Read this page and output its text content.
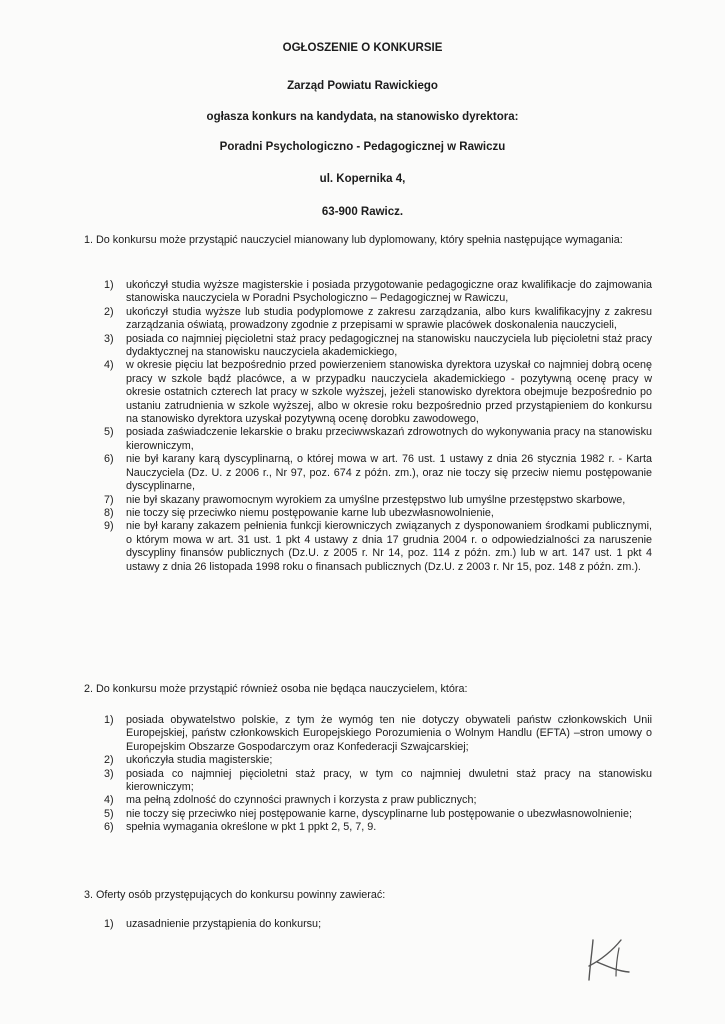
OGŁOSZENIE O KONKURSIE
Zarząd Powiatu Rawickiego
ogłasza konkurs na kandydata, na stanowisko dyrektora:
Poradni Psychologiczno - Pedagogicznej w Rawiczu
ul. Kopernika 4,
63-900 Rawicz.
1. Do konkursu może przystąpić nauczyciel mianowany lub dyplomowany, który spełnia następujące wymagania:
1) ukończył studia wyższe magisterskie i posiada przygotowanie pedagogiczne oraz kwalifikacje do zajmowania stanowiska nauczyciela w Poradni Psychologiczno – Pedagogicznej w Rawiczu,
2) ukończył studia wyższe lub studia podyplomowe z zakresu zarządzania, albo kurs kwalifikacyjny z zakresu zarządzania oświatą, prowadzony zgodnie z przepisami w sprawie placówek doskonalenia nauczycieli,
3) posiada co najmniej pięcioletni staż pracy pedagogicznej na stanowisku nauczyciela lub pięcioletni staż pracy dydaktycznej na stanowisku nauczyciela akademickiego,
4) w okresie pięciu lat bezpośrednio przed powierzeniem stanowiska dyrektora uzyskał co najmniej dobrą ocenę pracy w szkole bądź placówce, a w przypadku nauczyciela akademickiego - pozytywną ocenę pracy w okresie ostatnich czterech lat pracy w szkole wyższej, jeżeli stanowisko dyrektora obejmuje bezpośrednio po ustaniu zatrudnienia w szkole wyższej, albo w okresie roku bezpośrednio przed przystąpieniem do konkursu na stanowisko dyrektora uzyskał pozytywną ocenę dorobku zawodowego,
5) posiada zaświadczenie lekarskie o braku przeciwwskazań zdrowotnych do wykonywania pracy na stanowisku kierowniczym,
6) nie był karany karą dyscyplinarną, o której mowa w art. 76 ust. 1 ustawy z dnia 26 stycznia 1982 r. - Karta Nauczyciela (Dz. U. z 2006 r., Nr 97, poz. 674 z późn. zm.), oraz nie toczy się przeciw niemu postępowanie dyscyplinarne,
7) nie był skazany prawomocnym wyrokiem za umyślne przestępstwo lub umyślne przestępstwo skarbowe,
8) nie toczy się przeciwko niemu postępowanie karne lub ubezwłasnowolnienie,
9) nie był karany zakazem pełnienia funkcji kierowniczych związanych z dysponowaniem środkami publicznymi, o którym mowa w art. 31 ust. 1 pkt 4 ustawy z dnia 17 grudnia 2004 r. o odpowiedzialności za naruszenie dyscypliny finansów publicznych (Dz.U. z 2005 r. Nr 14, poz. 114 z późn. zm.) lub w art. 147 ust. 1 pkt 4 ustawy z dnia 26 listopada 1998 roku o finansach publicznych (Dz.U. z 2003 r. Nr 15, poz. 148 z późn. zm.).
2. Do konkursu może przystąpić również osoba nie będąca nauczycielem, która:
1) posiada obywatelstwo polskie, z tym że wymóg ten nie dotyczy obywateli państw członkowskich Unii Europejskiej, państw członkowskich Europejskiego Porozumienia o Wolnym Handlu (EFTA) –stron umowy o Europejskim Obszarze Gospodarczym oraz Konfederacji Szwajcarskiej;
2) ukończyła studia magisterskie;
3) posiada co najmniej pięcioletni staż pracy, w tym co najmniej dwuletni staż pracy na stanowisku kierowniczym;
4) ma pełną zdolność do czynności prawnych i korzysta z praw publicznych;
5) nie toczy się przeciwko niej postępowanie karne, dyscyplinarne lub postępowanie o ubezwłasnowolnienie;
6) spełnia wymagania określone w pkt 1 ppkt 2, 5, 7, 9.
3. Oferty osób przystępujących do konkursu powinny zawierać:
1) uzasadnienie przystąpienia do konkursu;
